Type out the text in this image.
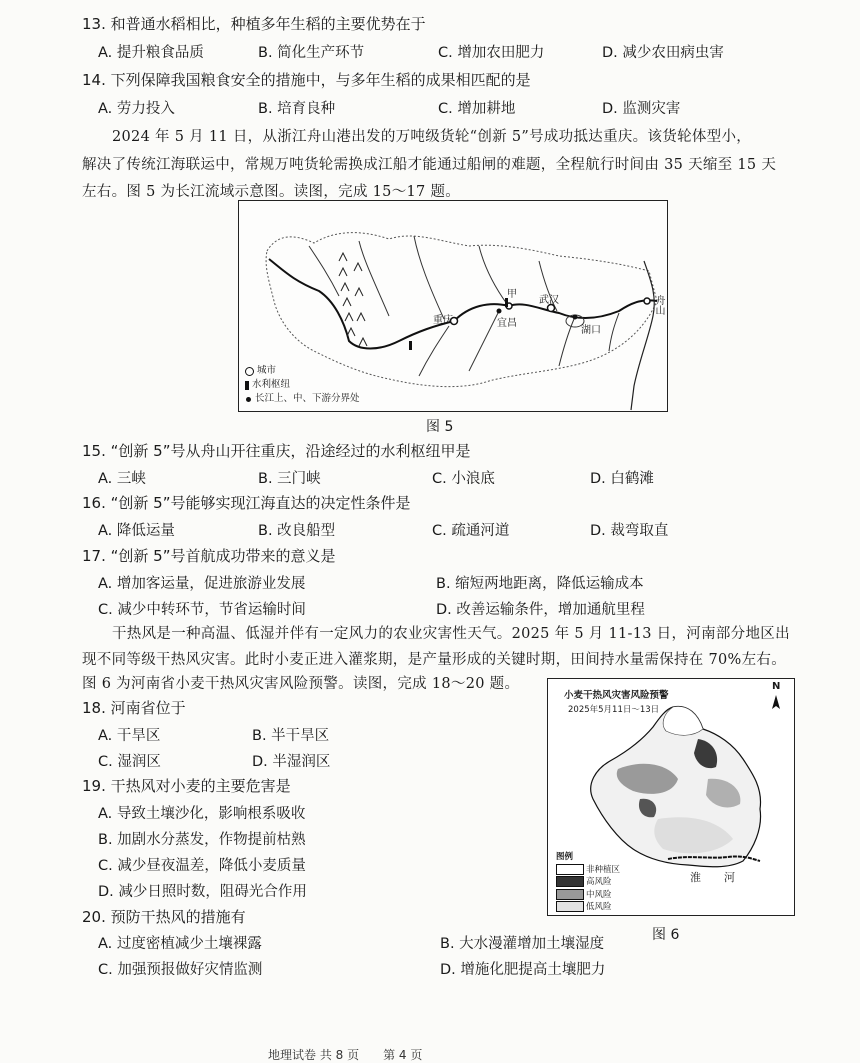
13. 和普通水稻相比，种植多年生稻的主要优势在于
A. 提升粮食品质	B. 简化生产环节	C. 增加农田肥力	D. 减少农田病虫害
14. 下列保障我国粮食安全的措施中，与多年生稻的成果相匹配的是
A. 劳力投入	B. 培育良种	C. 增加耕地	D. 监测灾害
2024 年 5 月 11 日，从浙江舟山港出发的万吨级货轮“创新 5”号成功抵达重庆。该货轮体型小，
解决了传统江海联运中，常规万吨货轮需换成江船才能通过船闸的难题，全程航行时间由 35 天缩至 15 天
左右。图 5 为长江流域示意图。读图，完成 15～17 题。
甲
武汉
重庆	宜昌
湖口
舟山
城市
水利枢纽
长江上、中、下游分界处
图 5
15. “创新 5”号从舟山开往重庆，沿途经过的水利枢纽甲是
A. 三峡	B. 三门峡	C. 小浪底	D. 白鹤滩
16. “创新 5”号能够实现江海直达的决定性条件是
A. 降低运量	B. 改良船型	C. 疏通河道	D. 裁弯取直
17. “创新 5”号首航成功带来的意义是
A. 增加客运量，促进旅游业发展	B. 缩短两地距离，降低运输成本
C. 减少中转环节，节省运输时间	D. 改善运输条件，增加通航里程
干热风是一种高温、低湿并伴有一定风力的农业灾害性天气。2025 年 5 月 11-13 日，河南部分地区出
现不同等级干热风灾害。此时小麦正进入灌浆期，是产量形成的关键时期，田间持水量需保持在 70%左右。
图 6 为河南省小麦干热风灾害风险预警。读图，完成 18～20 题。
小麦干热风灾害风险预警
2025年5月11日～13日
N
淮 河
图例
非种植区
高风险
中风险
低风险
图 6
18. 河南省位于
A. 干旱区	B. 半干旱区
C. 湿润区	D. 半湿润区
19. 干热风对小麦的主要危害是
A. 导致土壤沙化，影响根系吸收
B. 加剧水分蒸发，作物提前枯熟
C. 减少昼夜温差，降低小麦质量
D. 减少日照时数，阻碍光合作用
20. 预防干热风的措施有
A. 过度密植减少土壤裸露	B. 大水漫灌增加土壤湿度
C. 加强预报做好灾情监测	D. 增施化肥提高土壤肥力
地理试卷 共 8 页　　第 4 页
